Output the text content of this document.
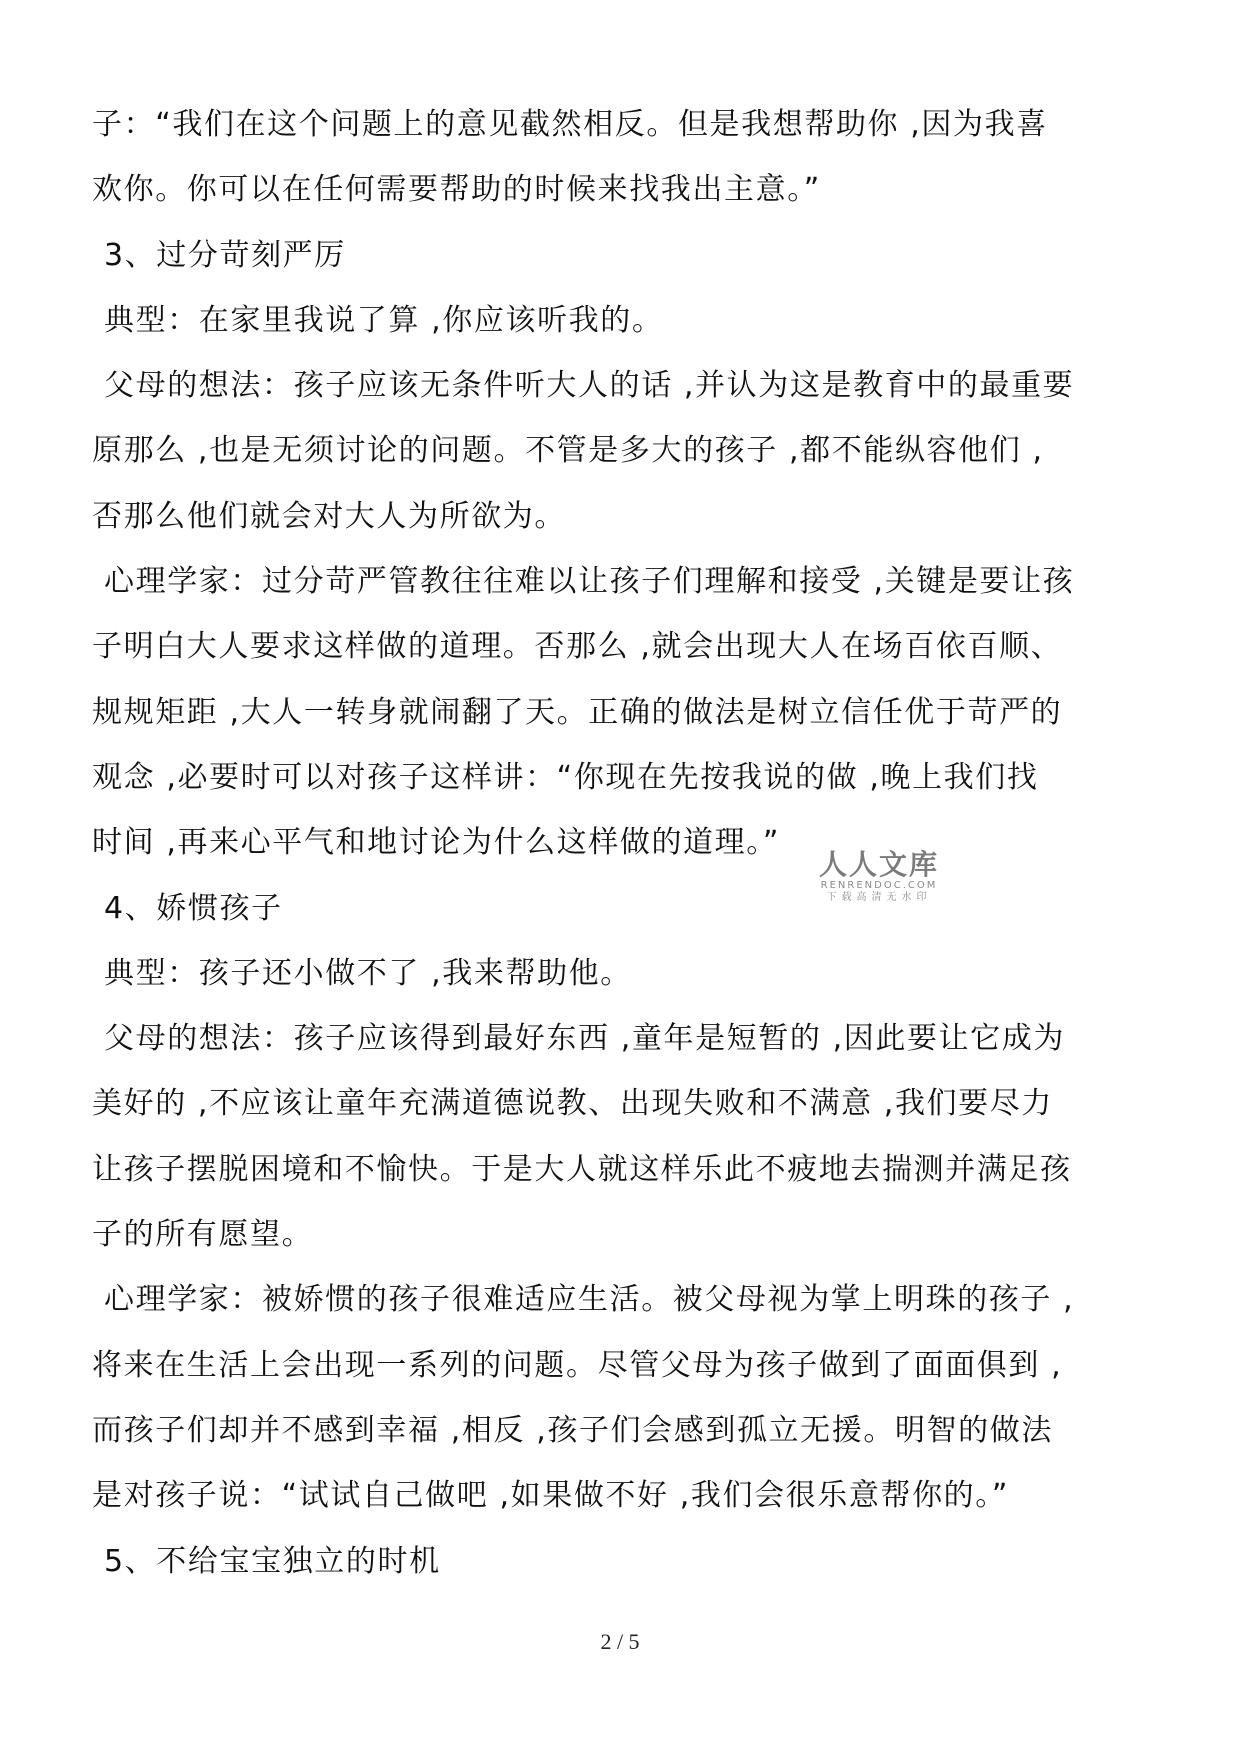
子：“我们在这个问题上的意见截然相反。但是我想帮助你 ,因为我喜
欢你。你可以在任何需要帮助的时候来找我出主意。”
3、过分苛刻严厉
典型：在家里我说了算 ,你应该听我的。
父母的想法：孩子应该无条件听大人的话 ,并认为这是教育中的最重要
原那么 ,也是无须讨论的问题。不管是多大的孩子 ,都不能纵容他们 ,
否那么他们就会对大人为所欲为。
心理学家：过分苛严管教往往难以让孩子们理解和接受 ,关键是要让孩
子明白大人要求这样做的道理。否那么 ,就会出现大人在场百依百顺、
规规矩距 ,大人一转身就闹翻了天。正确的做法是树立信任优于苛严的
观念 ,必要时可以对孩子这样讲：“你现在先按我说的做 ,晚上我们找
时间 ,再来心平气和地讨论为什么这样做的道理。”
4、娇惯孩子
典型：孩子还小做不了 ,我来帮助他。
父母的想法：孩子应该得到最好东西 ,童年是短暂的 ,因此要让它成为
美好的 ,不应该让童年充满道德说教、出现失败和不满意 ,我们要尽力
让孩子摆脱困境和不愉快。于是大人就这样乐此不疲地去揣测并满足孩
子的所有愿望。
心理学家：被娇惯的孩子很难适应生活。被父母视为掌上明珠的孩子 ,
将来在生活上会出现一系列的问题。尽管父母为孩子做到了面面俱到 ,
而孩子们却并不感到幸福 ,相反 ,孩子们会感到孤立无援。明智的做法
是对孩子说：“试试自己做吧 ,如果做不好 ,我们会很乐意帮你的。”
5、不给宝宝独立的时机
人人文库
RENRENDOC.COM
下载高清无水印
2 / 5
